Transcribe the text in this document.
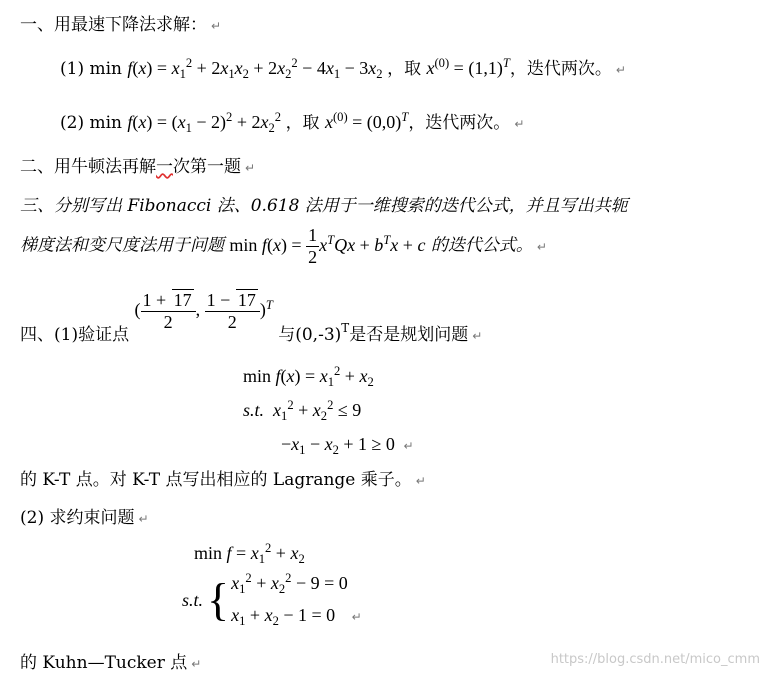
一、用最速下降法求解： ↵
(1) $\min f(x) = x_1^2 + 2x_1x_2 + 2x_2^2 - 4x_1 - 3x_2$ ，取 $x^{(0)} = (1,1)^T$，迭代两次。 ↵
(2) $\min f(x) = (x_1 - 2)^2 + 2x_2^2$ ，取 $x^{(0)} = (0,0)^T$，迭代两次。 ↵
二、用牛顿法再解一次第一题 ↵
三、分别写出 Fibonacci 法、0.618 法用于一维搜索的迭代公式，并且写出共轭
梯度法和变尺度法用于问题 $\min f(x) = \frac{1}{2} x^TQx + b^Tx + c$ 的迭代公式。 ↵
四、(1)验证点 ( $\frac{1 + 17}{2}$ , $\frac{1 - 17}{2} )^T$ 与$(0,-3)_T$是否是规划问题 $_↵$
$\min f(x) = x_1^2 + x_2$
s.t. $x_1^2 + x_2^2 \le 9$
$-x_1 - x_2 + 1 \ge 0$ ↵
的 K-T 点。对 K-T 点写出相应的 Lagrange 乘子。 ↵
(2) 求约束问题 ↵
$\min f = x_1^2 + x_2$
s.t. { $x_1^2 + x_2^2 - 9 = 0$
$x_1 + x_2 - 1 = 0$ ↵
的 Kuhn—Tucker 点 ↵	https://blog.csdn.net/mico_cmm
